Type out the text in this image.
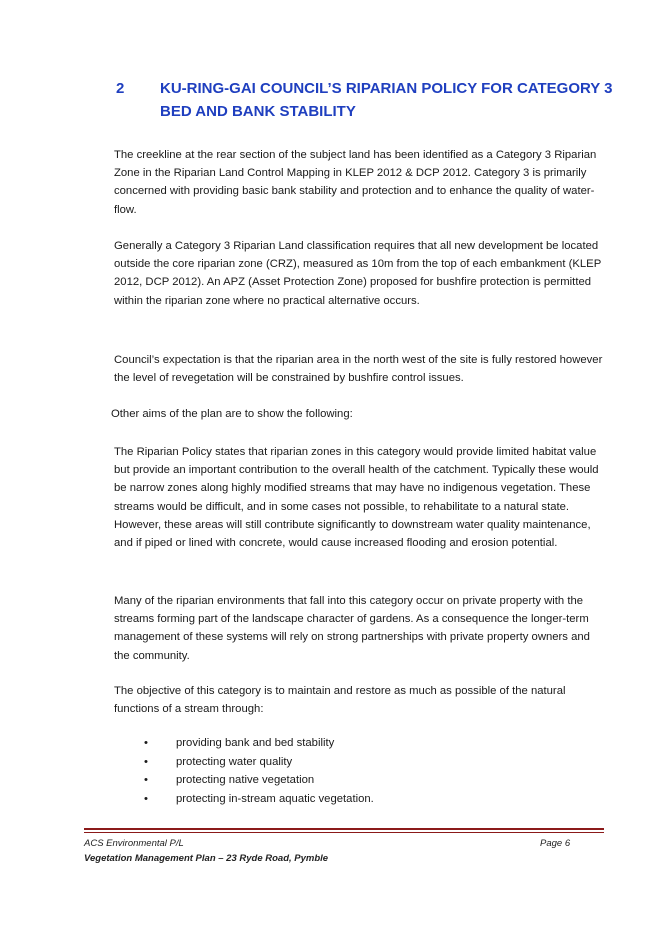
2 KU-RING-GAI COUNCIL’S RIPARIAN POLICY FOR CATEGORY 3 BED AND BANK STABILITY

The creekline at the rear section of the subject land has been identified as a Category 3 Riparian Zone in the Riparian Land Control Mapping in KLEP 2012 & DCP 2012. Category 3 is primarily concerned with providing basic bank stability and protection and to enhance the quality of water-flow.

Generally a Category 3 Riparian Land classification requires that all new development be located outside the core riparian zone (CRZ), measured as 10m from the top of each embankment (KLEP 2012, DCP 2012). An APZ (Asset Protection Zone) proposed for bushfire protection is permitted within the riparian zone where no practical alternative occurs.

Council’s expectation is that the riparian area in the north west of the site is fully restored however the level of revegetation will be constrained by bushfire control issues.

Other aims of the plan are to show the following:

The Riparian Policy states that riparian zones in this category would provide limited habitat value but provide an important contribution to the overall health of the catchment. Typically these would be narrow zones along highly modified streams that may have no indigenous vegetation. These streams would be difficult, and in some cases not possible, to rehabilitate to a natural state. However, these areas will still contribute significantly to downstream water quality maintenance, and if piped or lined with concrete, would cause increased flooding and erosion potential.

Many of the riparian environments that fall into this category occur on private property with the streams forming part of the landscape character of gardens. As a consequence the longer-term management of these systems will rely on strong partnerships with private property owners and the community.

The objective of this category is to maintain and restore as much as possible of the natural functions of a stream through:

• providing bank and bed stability
• protecting water quality
• protecting native vegetation
• protecting in-stream aquatic vegetation.
ACS Environmental P/L	Page 6
Vegetation Management Plan – 23 Ryde Road, Pymble
